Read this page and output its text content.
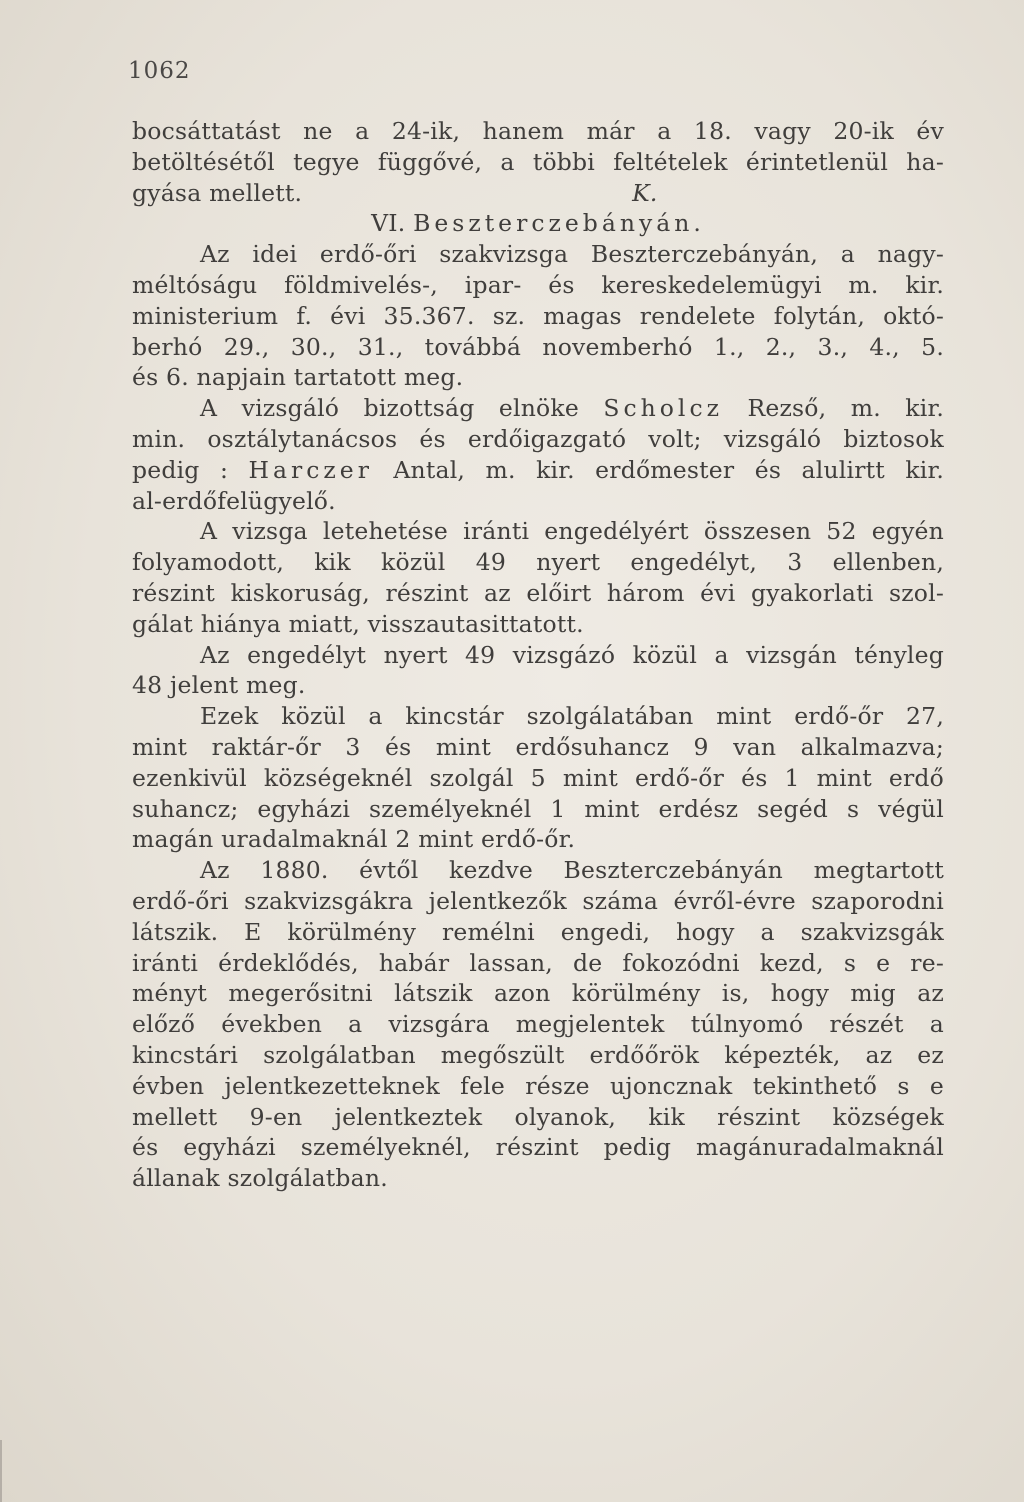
1062
bocsáttatást ne a 24-ik, hanem már a 18. vagy 20-ik év
betöltésétől tegye függővé, a többi feltételek érintetlenül ha-
gyása mellett.	K.
VI. Beszterczebányán.
Az idei erdő-őri szakvizsga Beszterczebányán, a nagy-
méltóságu földmivelés-, ipar- és kereskedelemügyi m. kir.
ministerium f. évi 35.367. sz. magas rendelete folytán, októ-
berhó 29., 30., 31., továbbá novemberhó 1., 2., 3., 4., 5.
és 6. napjain tartatott meg.
A vizsgáló bizottság elnöke Scholcz Rezső, m. kir.
min. osztálytanácsos és erdőigazgató volt; vizsgáló biztosok
pedig : Harczer Antal, m. kir. erdőmester és alulirtt kir.
al-erdőfelügyelő.
A vizsga letehetése iránti engedélyért összesen 52 egyén
folyamodott, kik közül 49 nyert engedélyt, 3 ellenben,
részint kiskoruság, részint az előirt három évi gyakorlati szol-
gálat hiánya miatt, visszautasittatott.
Az engedélyt nyert 49 vizsgázó közül a vizsgán tényleg
48 jelent meg.
Ezek közül a kincstár szolgálatában mint erdő-őr 27,
mint raktár-őr 3 és mint erdősuhancz 9 van alkalmazva;
ezenkivül községeknél szolgál 5 mint erdő-őr és 1 mint erdő
suhancz; egyházi személyeknél 1 mint erdész segéd s végül
magán uradalmaknál 2 mint erdő-őr.
Az 1880. évtől kezdve Beszterczebányán megtartott
erdő-őri szakvizsgákra jelentkezők száma évről-évre szaporodni
látszik. E körülmény remélni engedi, hogy a szakvizsgák
iránti érdeklődés, habár lassan, de fokozódni kezd, s e re-
ményt megerősitni látszik azon körülmény is, hogy mig az
előző években a vizsgára megjelentek túlnyomó részét a
kincstári szolgálatban megőszült erdőőrök képezték, az ez
évben jelentkezetteknek fele része ujoncznak tekinthető s e
mellett 9-en jelentkeztek olyanok, kik részint községek
és egyházi személyeknél, részint pedig magánuradalmaknál
állanak szolgálatban.
